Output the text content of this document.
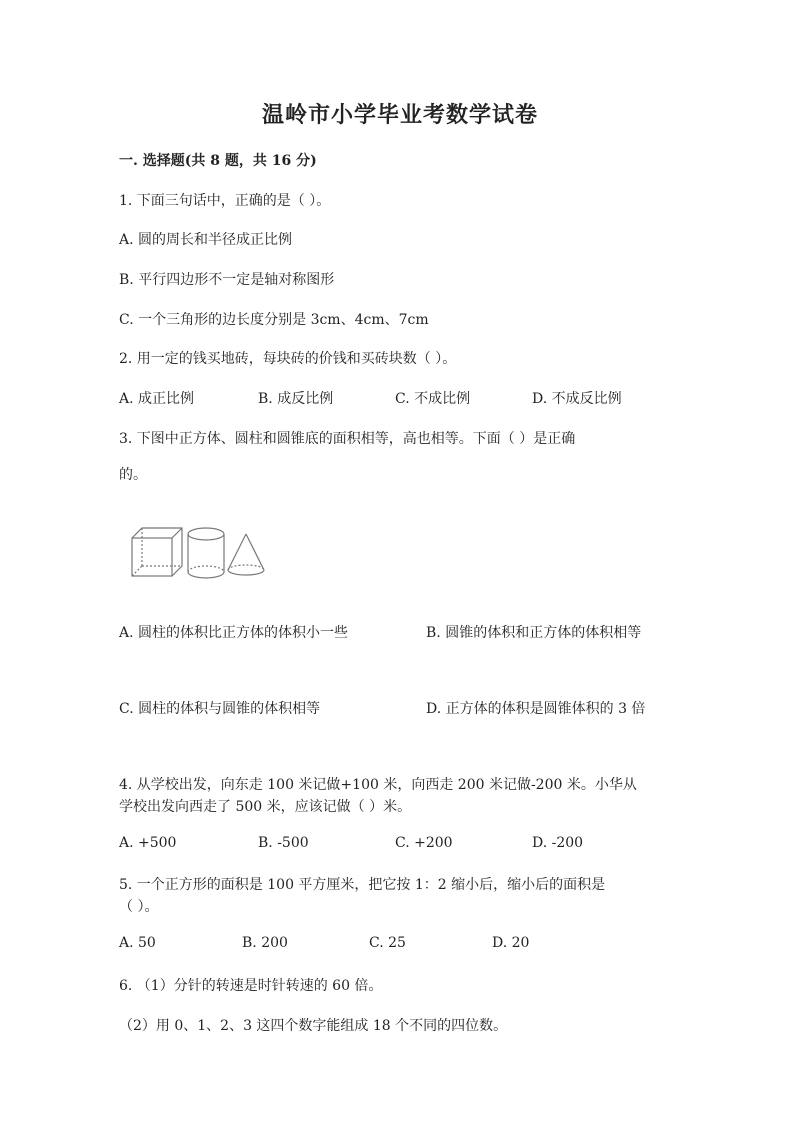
温岭市小学毕业考数学试卷
一. 选择题(共 8 题，共 16 分)
1. 下面三句话中，正确的是（ ）。
A. 圆的周长和半径成正比例
B. 平行四边形不一定是轴对称图形
C. 一个三角形的边长度分别是 3cm、4cm、7cm
2. 用一定的钱买地砖，每块砖的价钱和买砖块数（ ）。
A. 成正比例	B. 成反比例	C. 不成比例	D. 不成反比例
3. 下图中正方体、圆柱和圆锥底的面积相等，高也相等。下面（ ）是正确
的。
A. 圆柱的体积比正方体的体积小一些	B. 圆锥的体积和正方体的体积相等
C. 圆柱的体积与圆锥的体积相等	D. 正方体的体积是圆锥体积的 3 倍
4. 从学校出发，向东走 100 米记做+100 米，向西走 200 米记做-200 米。小华从
学校出发向西走了 500 米，应该记做（ ）米。
A. +500	B. -500	C. +200	D. -200
5. 一个正方形的面积是 100 平方厘米，把它按 1：2 缩小后，缩小后的面积是
（ ）。
A. 50	B. 200	C. 25	D. 20
6. （1）分针的转速是时针转速的 60 倍。
（2）用 0、1、2、3 这四个数字能组成 18 个不同的四位数。
